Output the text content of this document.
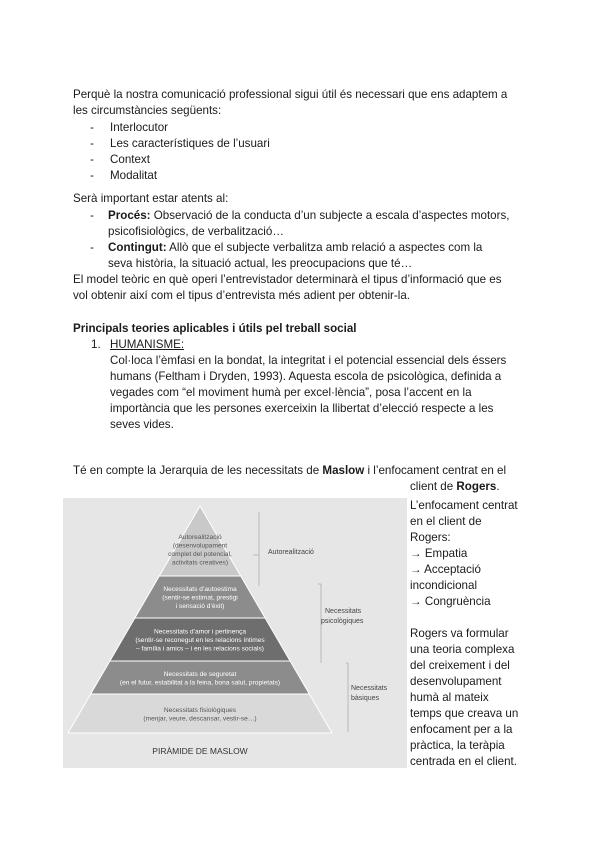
Perquè la nostra comunicació professional sigui útil és necessari que ens adaptem a

les circumstàncies següents:

- Interlocutor

- Les característiques de l’usuari

- Context

- Modalitat

Serà important estar atents al:

- Procés: Observació de la conducta d’un subjecte a escala d’aspectes motors,

psicofisiològics, de verbalització…

- Contingut: Allò que el subjecte verbalitza amb relació a aspectes com la

seva història, la situació actual, les preocupacions que té…

El model teòric en què operi l’entrevistador determinarà el tipus d’informació que es

vol obtenir així com el tipus d’entrevista més adient per obtenir-la.

Principals teories aplicables i útils pel treball social

1. HUMANISME:

Col·loca l’èmfasi en la bondat, la integritat i el potencial essencial dels éssers

humans (Feltham i Dryden, 1993). Aquesta escola de psicològica, definida a

vegades com “el moviment humà per excel·lència”, posa l’accent en la

importància que les persones exerceixin la llibertat d’elecció respecte a les

seves vides.

Té en compte la Jerarquia de les necessitats de Maslow i l’enfocament centrat en el

client de Rogers.

L’enfocament centrat
en el client de
Rogers:
→ Empatia
→ Acceptació
incondicional
→ Congruència
Rogers va formular
una teoria complexa
del creixement i del
desenvolupament
humà al mateix
temps que creava un
enfocament per a la
pràctica, la teràpia
centrada en el client.
Autorealització
(desenvolupament
complet del potencial,
activitats creatives)
Necessitats d’autoestima
(sentir-se estimat, prestigi
i sensació d’èxit)
Necessitats d’amor i pertinença
(sentir-se reconegut en les relacions íntimes
– família i amics – i en les relacions socials)
Necessitats de seguretat
(en el futur, estabilitat a la feina, bona salut, propietats)
Necessitats fisiològiques
(menjar, veure, descansar, vestir-se…)
PIRÀMIDE DE MASLOW
Autorealització
Necessitats
psicològiques
Necessitats
bàsiques
